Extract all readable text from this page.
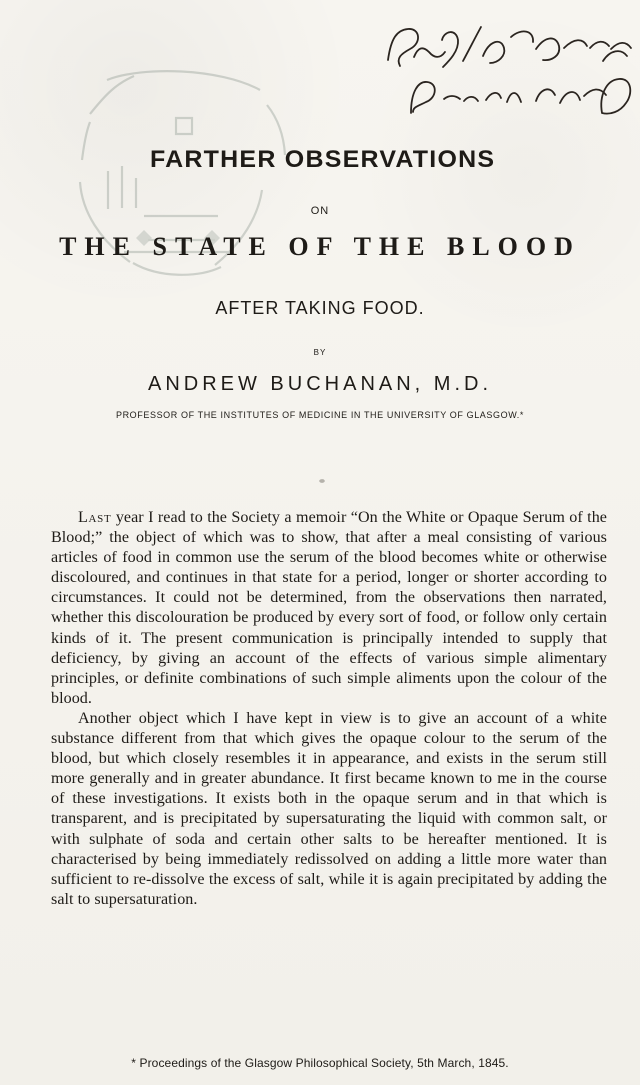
FARTHER OBSERVATIONS
ON
THE STATE OF THE BLOOD
AFTER TAKING FOOD.
BY
ANDREW BUCHANAN, M.D.
PROFESSOR OF THE INSTITUTES OF MEDICINE IN THE UNIVERSITY OF GLASGOW.*

Last year I read to the Society a memoir “On the White or Opaque Serum of the Blood;” the object of which was to show, that after a meal consisting of various articles of food in common use the serum of the blood becomes white or otherwise discoloured, and continues in that state for a period, longer or shorter according to circumstances. It could not be determined, from the observations then narrated, whether this discolouration be produced by every sort of food, or follow only certain kinds of it. The present communication is principally intended to supply that deficiency, by giving an account of the effects of various simple alimentary principles, or definite combinations of such simple aliments upon the colour of the blood.

Another object which I have kept in view is to give an account of a white substance different from that which gives the opaque colour to the serum of the blood, but which closely resembles it in appearance, and exists in the serum still more generally and in greater abundance. It first became known to me in the course of these investigations. It exists both in the opaque serum and in that which is transparent, and is precipitated by supersaturating the liquid with common salt, or with sulphate of soda and certain other salts to be hereafter mentioned. It is characterised by being immediately redissolved on adding a little more water than sufficient to re-dissolve the excess of salt, while it is again precipitated by adding the salt to supersaturation.

* Proceedings of the Glasgow Philosophical Society, 5th March, 1845.
